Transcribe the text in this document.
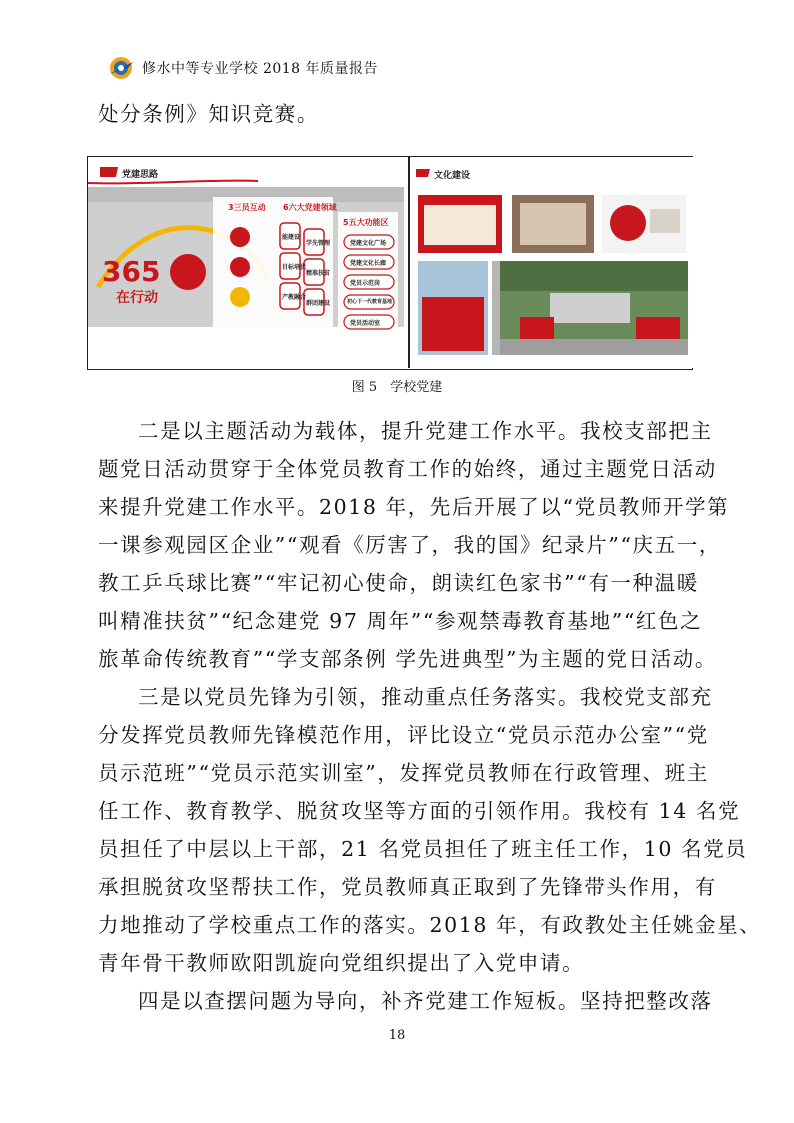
修水中等专业学校 2018 年质量报告
处分条例》知识竞赛。
党建思路
365
在行动
3三员互动 6六大党建领域
5五大功能区
能建设
学先管理
目标培优
精准扶贫
产教融合
群团建设
党建文化广场
党建文化长廊
党员示范岗
初心下一代教育基地
党员活动室
文化建设
图 5　学校党建
二是以主题活动为载体，提升党建工作水平。我校支部把主
题党日活动贯穿于全体党员教育工作的始终，通过主题党日活动
来提升党建工作水平。2018 年，先后开展了以“党员教师开学第
一课参观园区企业”“观看《厉害了，我的国》纪录片”“庆五一，
教工乒乓球比赛”“牢记初心使命，朗读红色家书”“有一种温暖
叫精准扶贫”“纪念建党 97 周年”“参观禁毒教育基地”“红色之
旅革命传统教育”“学支部条例 学先进典型”为主题的党日活动。
三是以党员先锋为引领，推动重点任务落实。我校党支部充
分发挥党员教师先锋模范作用，评比设立“党员示范办公室”“党
员示范班”“党员示范实训室”，发挥党员教师在行政管理、班主
任工作、教育教学、脱贫攻坚等方面的引领作用。我校有 14 名党
员担任了中层以上干部，21 名党员担任了班主任工作，10 名党员
承担脱贫攻坚帮扶工作，党员教师真正取到了先锋带头作用，有
力地推动了学校重点工作的落实。2018 年，有政教处主任姚金星、
青年骨干教师欧阳凯旋向党组织提出了入党申请。
四是以查摆问题为导向，补齐党建工作短板。坚持把整改落
18
